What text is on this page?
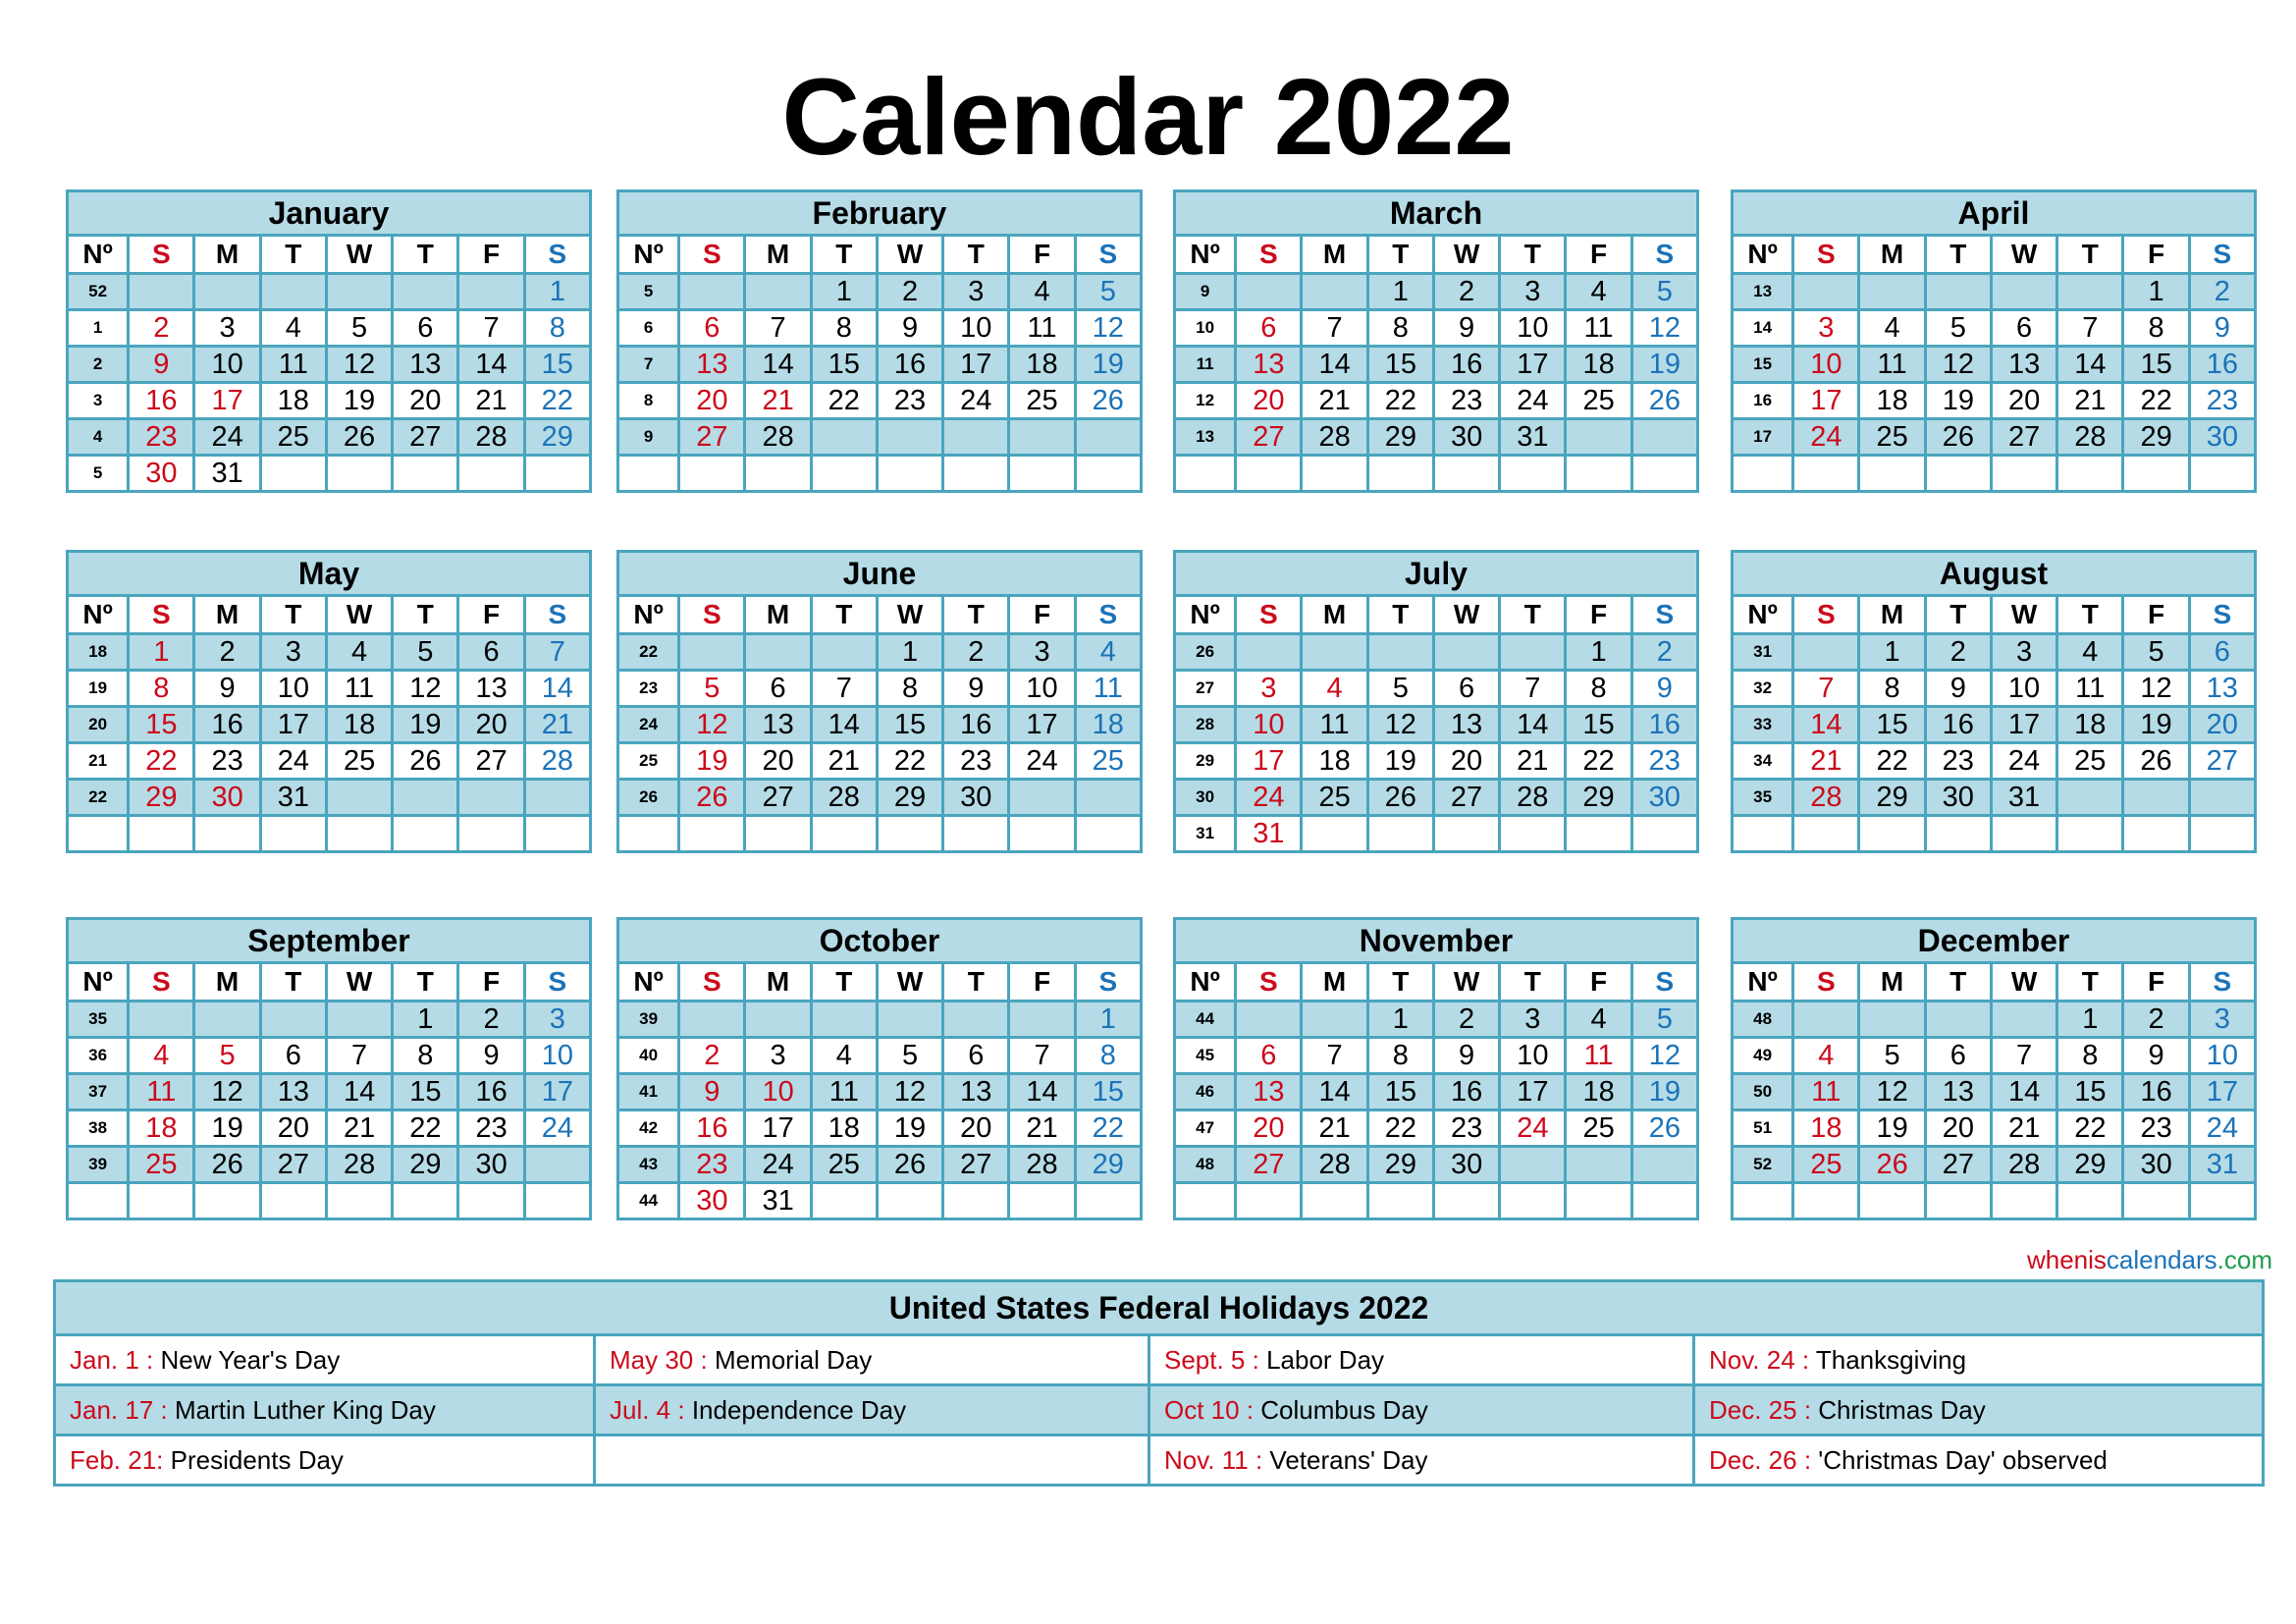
Calendar 2022
January							
Nº	S	M	T	W	T	F	S
52							1
1	2	3	4	5	6	7	8
2	9	10	11	12	13	14	15
3	16	17	18	19	20	21	22
4	23	24	25	26	27	28	29
5	30	31					
February							
Nº	S	M	T	W	T	F	S
5			1	2	3	4	5
6	6	7	8	9	10	11	12
7	13	14	15	16	17	18	19
8	20	21	22	23	24	25	26
9	27	28					

March							
Nº	S	M	T	W	T	F	S
9			1	2	3	4	5
10	6	7	8	9	10	11	12
11	13	14	15	16	17	18	19
12	20	21	22	23	24	25	26
13	27	28	29	30	31		

April							
Nº	S	M	T	W	T	F	S
13						1	2
14	3	4	5	6	7	8	9
15	10	11	12	13	14	15	16
16	17	18	19	20	21	22	23
17	24	25	26	27	28	29	30

May							
Nº	S	M	T	W	T	F	S
18	1	2	3	4	5	6	7
19	8	9	10	11	12	13	14
20	15	16	17	18	19	20	21
21	22	23	24	25	26	27	28
22	29	30	31				

June							
Nº	S	M	T	W	T	F	S
22				1	2	3	4
23	5	6	7	8	9	10	11
24	12	13	14	15	16	17	18
25	19	20	21	22	23	24	25
26	26	27	28	29	30		

July							
Nº	S	M	T	W	T	F	S
26						1	2
27	3	4	5	6	7	8	9
28	10	11	12	13	14	15	16
29	17	18	19	20	21	22	23
30	24	25	26	27	28	29	30
31	31						
August							
Nº	S	M	T	W	T	F	S
31		1	2	3	4	5	6
32	7	8	9	10	11	12	13
33	14	15	16	17	18	19	20
34	21	22	23	24	25	26	27
35	28	29	30	31			

September							
Nº	S	M	T	W	T	F	S
35					1	2	3
36	4	5	6	7	8	9	10
37	11	12	13	14	15	16	17
38	18	19	20	21	22	23	24
39	25	26	27	28	29	30	

October							
Nº	S	M	T	W	T	F	S
39							1
40	2	3	4	5	6	7	8
41	9	10	11	12	13	14	15
42	16	17	18	19	20	21	22
43	23	24	25	26	27	28	29
44	30	31					
November							
Nº	S	M	T	W	T	F	S
44			1	2	3	4	5
45	6	7	8	9	10	11	12
46	13	14	15	16	17	18	19
47	20	21	22	23	24	25	26
48	27	28	29	30			

December							
Nº	S	M	T	W	T	F	S
48					1	2	3
49	4	5	6	7	8	9	10
50	11	12	13	14	15	16	17
51	18	19	20	21	22	23	24
52	25	26	27	28	29	30	31

wheniscalendars.com
United States Federal Holidays 2022			
Jan. 1 : New Year's Day	May 30 : Memorial Day	Sept. 5 : Labor Day	Nov. 24 : Thanksgiving
Jan. 17 : Martin Luther King Day	Jul. 4 : Independence Day	Oct 10 : Columbus Day	Dec. 25 : Christmas Day
Feb. 21: Presidents Day		Nov. 11 : Veterans' Day	Dec. 26 : 'Christmas Day' observed
